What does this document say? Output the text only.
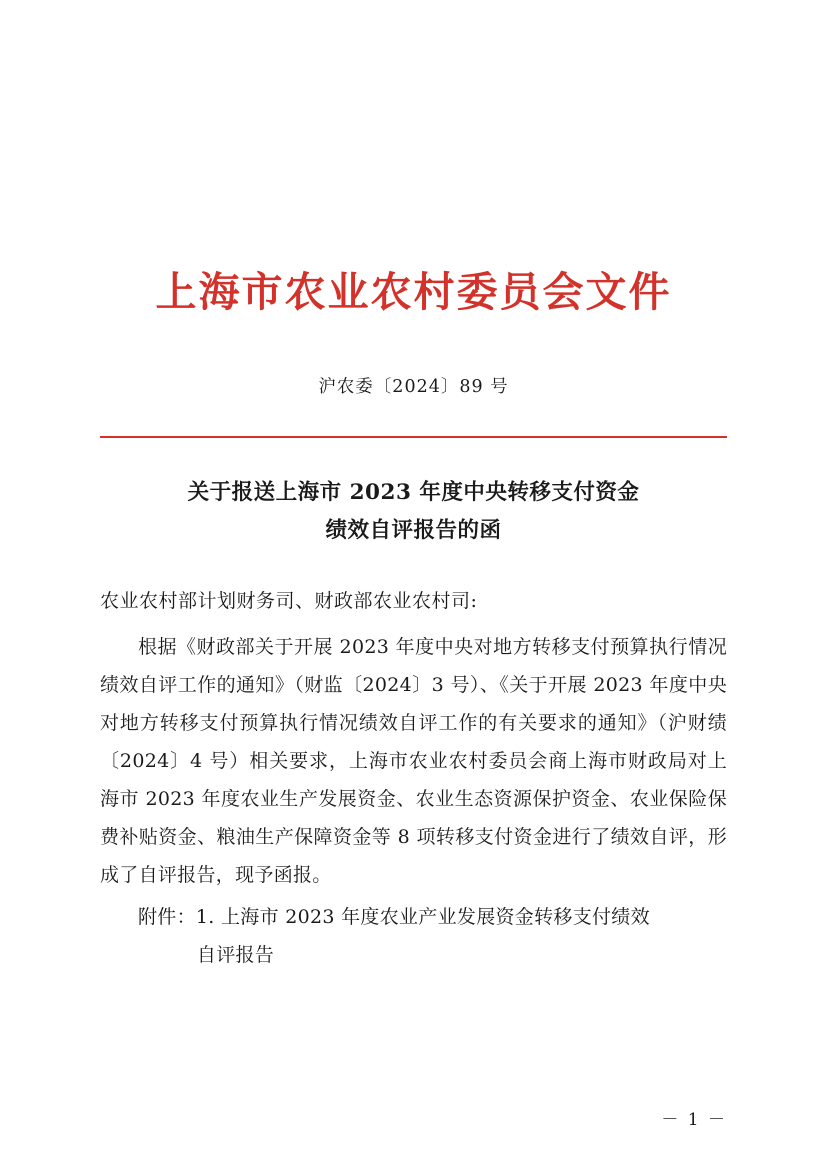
上海市农业农村委员会文件

沪农委〔2024〕89 号

关于报送上海市 2023 年度中央转移支付资金
绩效自评报告的函

农业农村部计划财务司、财政部农业农村司:

根据《财政部关于开展 2023 年度中央对地方转移支付预算执行情况绩效自评工作的通知》（财监〔2024〕3 号）、《关于开展 2023 年度中央对地方转移支付预算执行情况绩效自评工作的有关要求的通知》（沪财绩〔2024〕4 号）相关要求，上海市农业农村委员会商上海市财政局对上海市 2023 年度农业生产发展资金、农业生态资源保护资金、农业保险保费补贴资金、粮油生产保障资金等 8 项转移支付资金进行了绩效自评，形成了自评报告，现予函报。

附件：1. 上海市 2023 年度农业产业发展资金转移支付绩效
自评报告

－ 1 －
